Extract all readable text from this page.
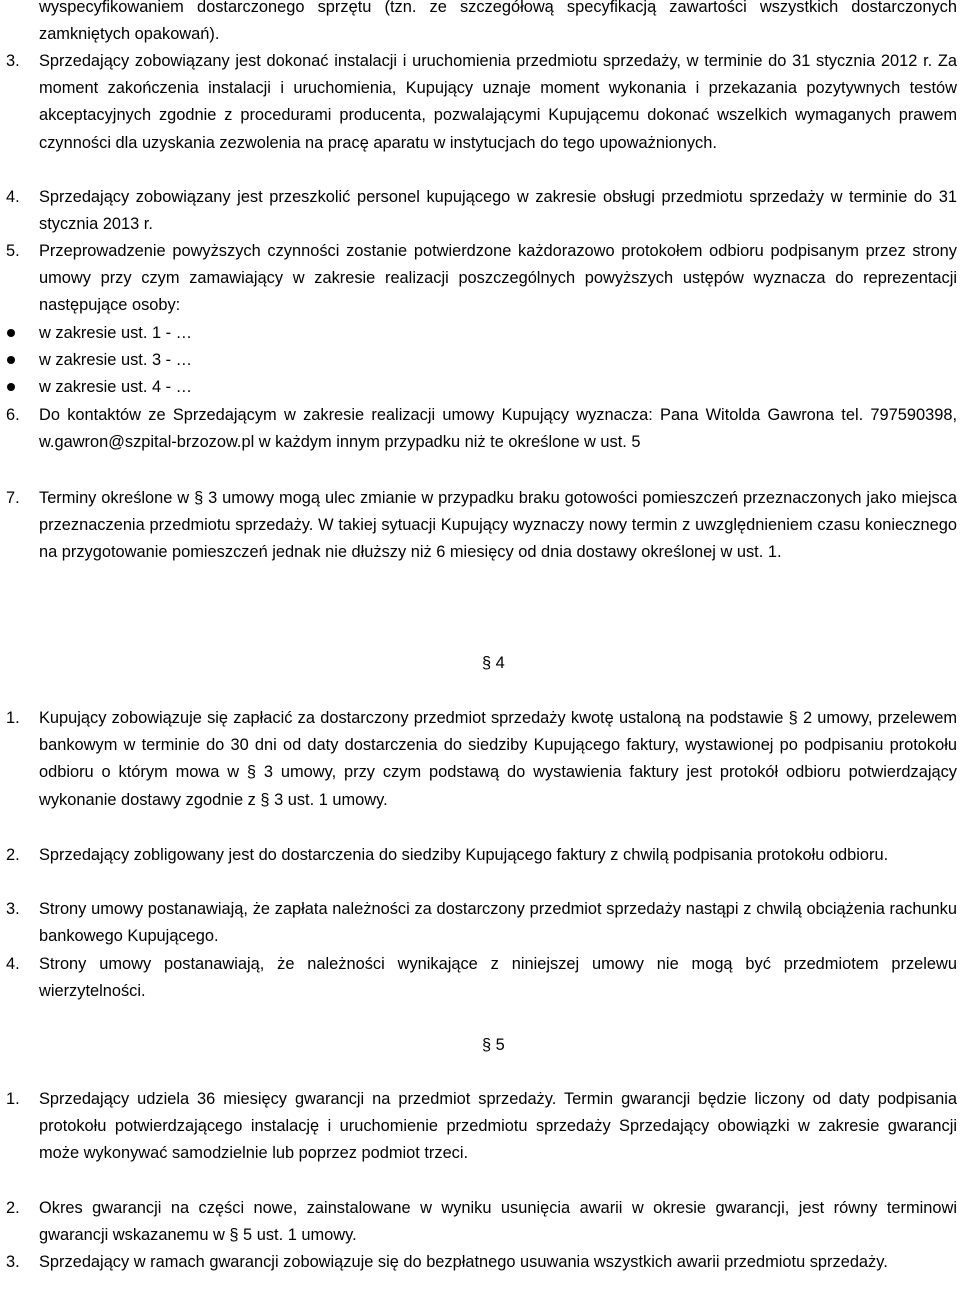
wyspecyfikowaniem dostarczonego sprzętu (tzn. ze szczegółową specyfikacją zawartości wszystkich dostarczonych zamkniętych opakowań).
3. Sprzedający zobowiązany jest dokonać instalacji i uruchomienia przedmiotu sprzedaży, w terminie do 31 stycznia 2012 r. Za moment zakończenia instalacji i uruchomienia, Kupujący uznaje moment wykonania i przekazania pozytywnych testów akceptacyjnych zgodnie z procedurami producenta, pozwalającymi Kupującemu dokonać wszelkich wymaganych prawem czynności dla uzyskania zezwolenia na pracę aparatu w instytucjach do tego upoważnionych.
4. Sprzedający zobowiązany jest przeszkolić personel kupującego w zakresie obsługi przedmiotu sprzedaży w terminie do 31 stycznia 2013 r.
5. Przeprowadzenie powyższych czynności zostanie potwierdzone każdorazowo protokołem odbioru podpisanym przez strony umowy przy czym zamawiający w zakresie realizacji poszczególnych powyższych ustępów wyznacza do reprezentacji następujące osoby:
w zakresie ust. 1 - …
w zakresie ust. 3 - …
w zakresie ust. 4 - …
6. Do kontaktów ze Sprzedającym w zakresie realizacji umowy Kupujący wyznacza: Pana Witolda Gawrona tel. 797590398, w.gawron@szpital-brzozow.pl w każdym innym przypadku niż te określone w ust. 5
7. Terminy określone w § 3 umowy mogą ulec zmianie w przypadku braku gotowości pomieszczeń przeznaczonych jako miejsca przeznaczenia przedmiotu sprzedaży. W takiej sytuacji Kupujący wyznaczy nowy termin z uwzględnieniem czasu koniecznego na przygotowanie pomieszczeń jednak nie dłuższy niż 6 miesięcy od dnia dostawy określonej w ust. 1.
§ 4
1. Kupujący zobowiązuje się zapłacić za dostarczony przedmiot sprzedaży kwotę ustaloną na podstawie § 2 umowy, przelewem bankowym w terminie do 30 dni od daty dostarczenia do siedziby Kupującego faktury, wystawionej po podpisaniu protokołu odbioru o którym mowa w § 3 umowy, przy czym podstawą do wystawienia faktury jest protokół odbioru potwierdzający wykonanie dostawy zgodnie z § 3 ust. 1 umowy.
2. Sprzedający zobligowany jest do dostarczenia do siedziby Kupującego faktury z chwilą podpisania protokołu odbioru.
3. Strony umowy postanawiają, że zapłata należności za dostarczony przedmiot sprzedaży nastąpi z chwilą obciążenia rachunku bankowego Kupującego.
4. Strony umowy postanawiają, że należności wynikające z niniejszej umowy nie mogą być przedmiotem przelewu wierzytelności.
§ 5
1. Sprzedający udziela 36 miesięcy gwarancji na przedmiot sprzedaży. Termin gwarancji będzie liczony od daty podpisania protokołu potwierdzającego instalację i uruchomienie przedmiotu sprzedaży Sprzedający obowiązki w zakresie gwarancji może wykonywać samodzielnie lub poprzez podmiot trzeci.
2. Okres gwarancji na części nowe, zainstalowane w wyniku usunięcia awarii w okresie gwarancji, jest równy terminowi gwarancji wskazanemu w § 5 ust. 1 umowy.
3. Sprzedający w ramach gwarancji zobowiązuje się do bezpłatnego usuwania wszystkich awarii przedmiotu sprzedaży.
